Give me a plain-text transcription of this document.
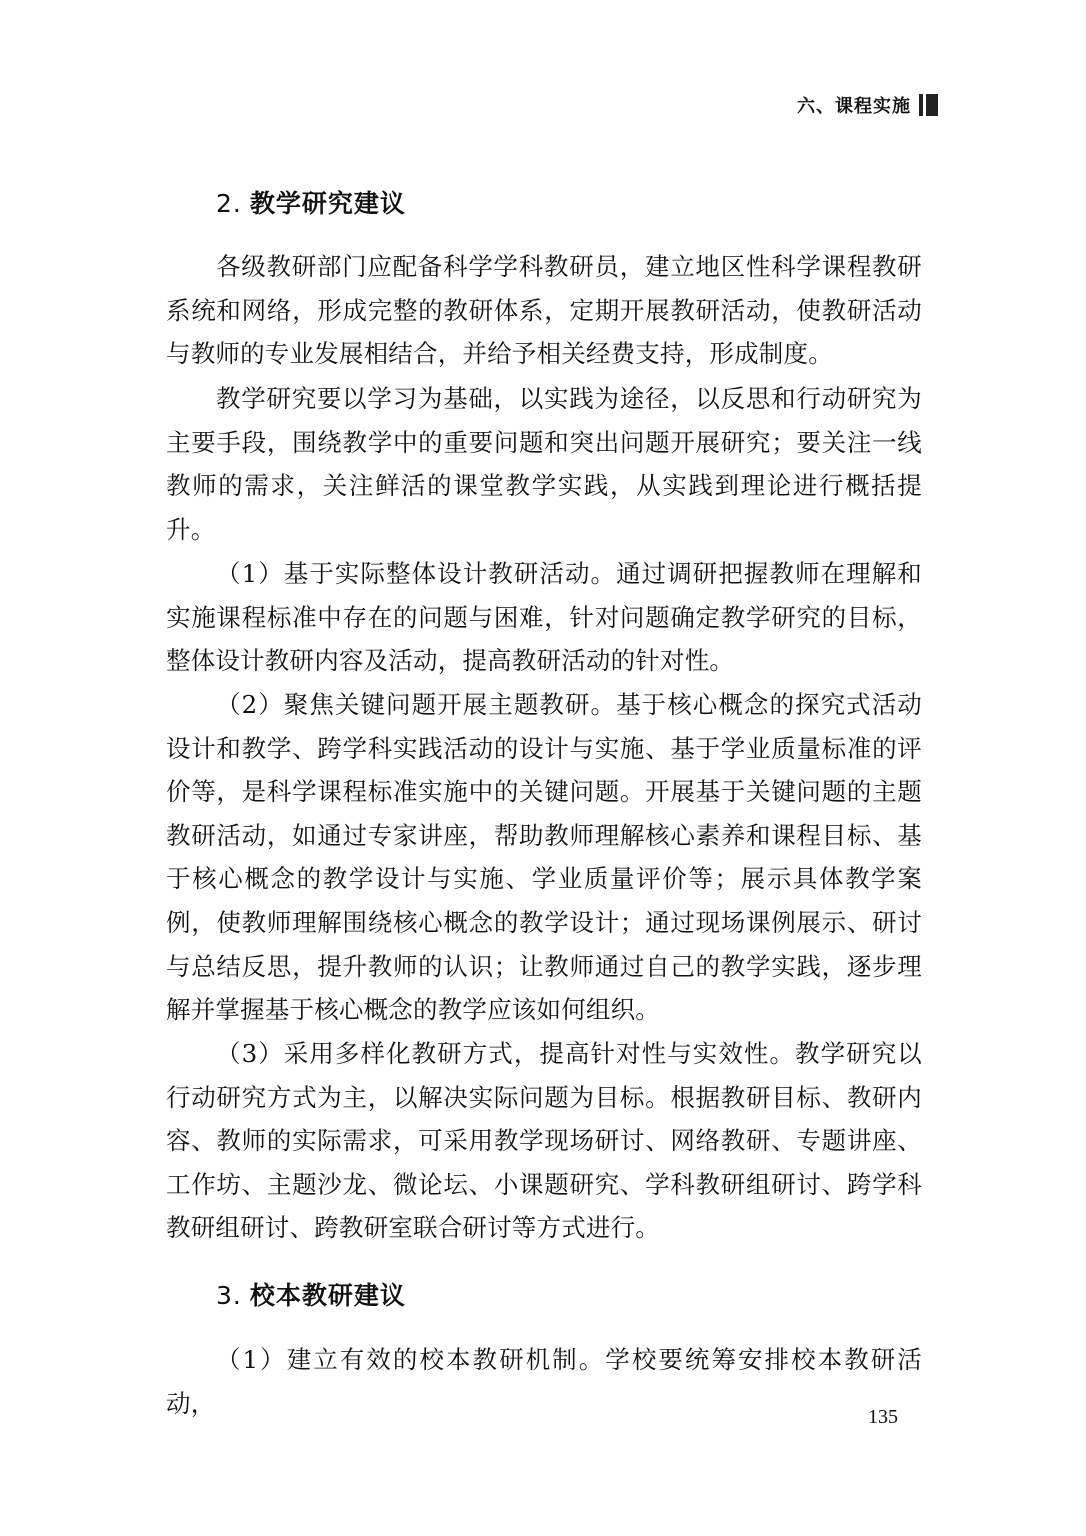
六、课程实施
2. 教学研究建议

各级教研部门应配备科学学科教研员，建立地区性科学课程教研系统和网络，形成完整的教研体系，定期开展教研活动，使教研活动与教师的专业发展相结合，并给予相关经费支持，形成制度。

教学研究要以学习为基础，以实践为途径，以反思和行动研究为主要手段，围绕教学中的重要问题和突出问题开展研究；要关注一线教师的需求，关注鲜活的课堂教学实践，从实践到理论进行概括提升。

（1）基于实际整体设计教研活动。通过调研把握教师在理解和实施课程标准中存在的问题与困难，针对问题确定教学研究的目标，整体设计教研内容及活动，提高教研活动的针对性。

（2）聚焦关键问题开展主题教研。基于核心概念的探究式活动设计和教学、跨学科实践活动的设计与实施、基于学业质量标准的评价等，是科学课程标准实施中的关键问题。开展基于关键问题的主题教研活动，如通过专家讲座，帮助教师理解核心素养和课程目标、基于核心概念的教学设计与实施、学业质量评价等；展示具体教学案例，使教师理解围绕核心概念的教学设计；通过现场课例展示、研讨与总结反思，提升教师的认识；让教师通过自己的教学实践，逐步理解并掌握基于核心概念的教学应该如何组织。

（3）采用多样化教研方式，提高针对性与实效性。教学研究以行动研究方式为主，以解决实际问题为目标。根据教研目标、教研内容、教师的实际需求，可采用教学现场研讨、网络教研、专题讲座、工作坊、主题沙龙、微论坛、小课题研究、学科教研组研讨、跨学科教研组研讨、跨教研室联合研讨等方式进行。

3. 校本教研建议

（1）建立有效的校本教研机制。学校要统筹安排校本教研活动，	135
